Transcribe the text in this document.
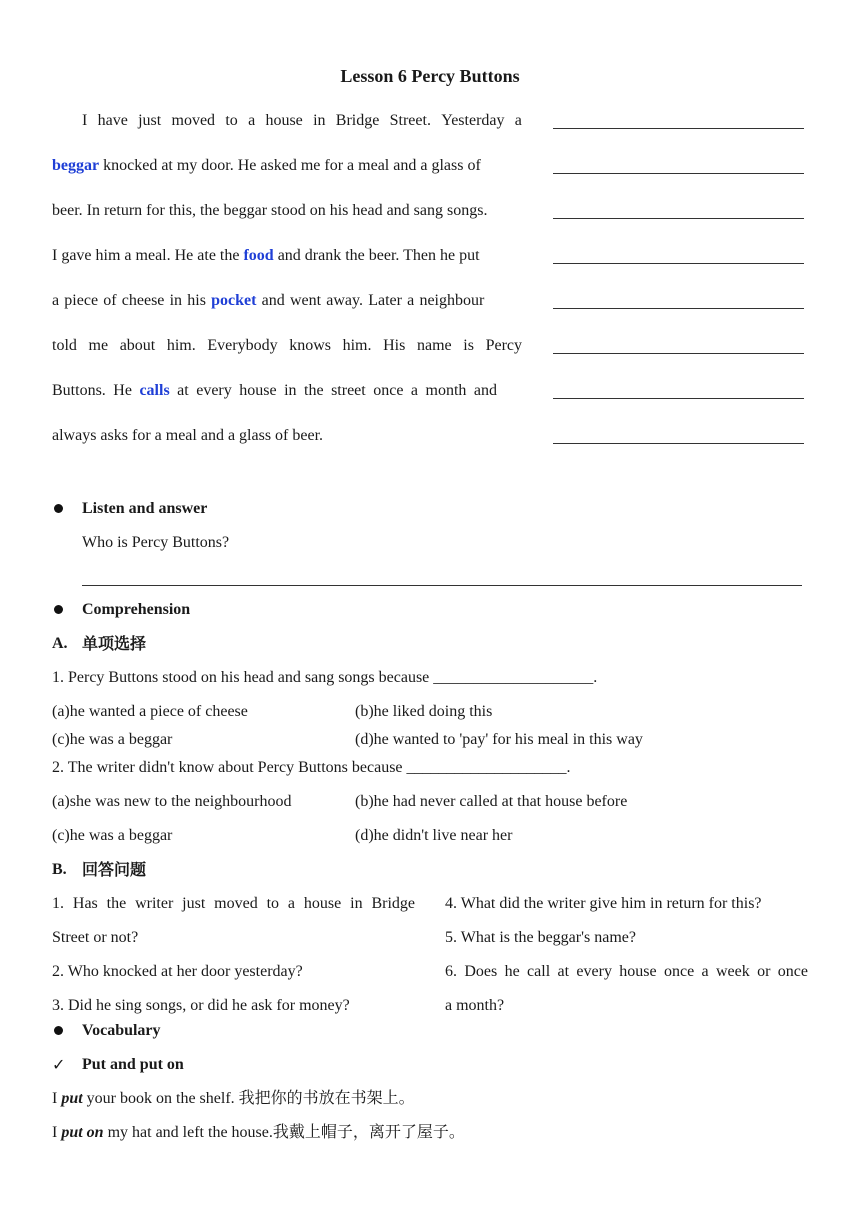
Lesson 6 Percy Buttons
I have just moved to a house in Bridge Street. Yesterday a
beggar knocked at my door. He asked me for a meal and a glass of
beer. In return for this, the beggar stood on his head and sang songs.
I gave him a meal. He ate the food and drank the beer. Then he put
a piece of cheese in his pocket and went away. Later a neighbour
told me about him. Everybody knows him. His name is Percy
Buttons. He calls at every house in the street once a month and
always asks for a meal and a glass of beer.
Listen and answer
Who is Percy Buttons?
Comprehension
A. 单项选择
1. Percy Buttons stood on his head and sang songs because ____________________.
(a)he wanted a piece of cheese	(b)he liked doing this
(c)he was a beggar	(d)he wanted to 'pay' for his meal in this way
2. The writer didn't know about Percy Buttons because ____________________.
(a)she was new to the neighbourhood	(b)he had never called at that house before
(c)he was a beggar	(d)he didn't live near her
B. 回答问题
1. Has the writer just moved to a house in Bridge
Street or not?
2. Who knocked at her door yesterday?
3. Did he sing songs, or did he ask for money?
4. What did the writer give him in return for this?
5. What is the beggar's name?
6. Does he call at every house once a week or once
a month?
Vocabulary
✓ Put and put on
I put your book on the shelf. 我把你的书放在书架上。
I put on my hat and left the house.我戴上帽子，离开了屋子。
